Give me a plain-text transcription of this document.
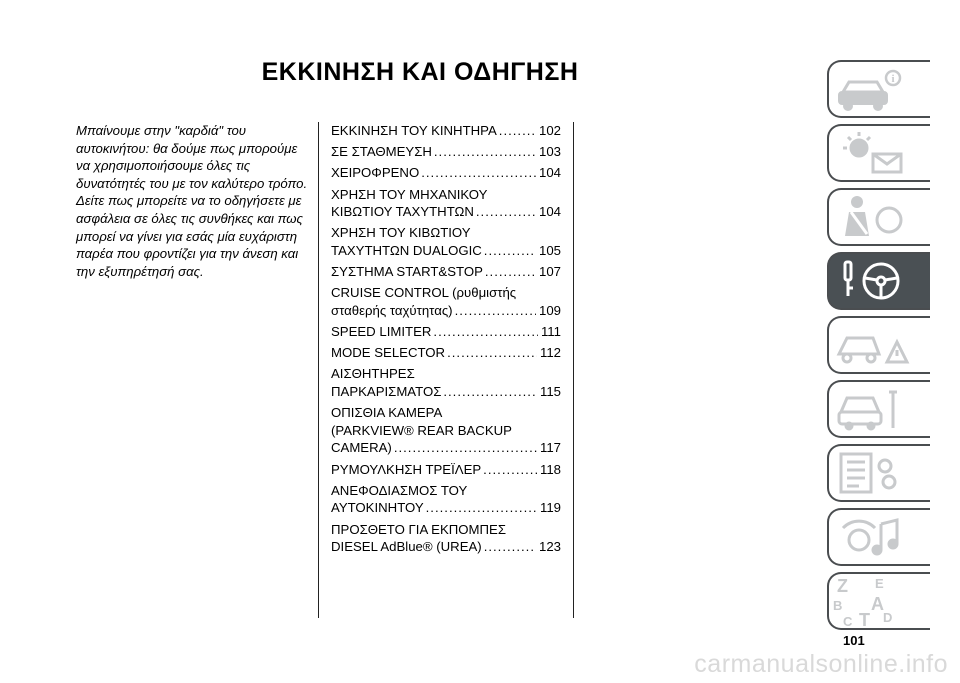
ΕΚΚΙΝΗΣΗ ΚΑΙ ΟΔΗΓΗΣΗ

Μπαίνουμε στην "καρδιά" του αυτοκινήτου: θα δούμε πως μπορούμε να χρησιμοποιήσουμε όλες τις δυνατότητές του με τον καλύτερο τρόπο.

Δείτε πως μπορείτε να το οδηγήσετε με ασφάλεια σε όλες τις συνθήκες και πως μπορεί να γίνει για εσάς μία ευχάριστη παρέα που φροντίζει για την άνεση και την εξυπηρέτησή σας.

ΕΚΚΙΝΗΣΗ ΤΟΥ ΚΙΝΗΤΗΡΑ .....	102
ΣΕ ΣΤΑΘΜΕΥΣΗ .....	103
ΧΕΙΡΟΦΡΕΝΟ .....	104
ΧΡΗΣΗ ΤΟΥ ΜΗΧΑΝΙΚΟΥ
ΚΙΒΩΤΙΟΥ ΤΑΧΥΤΗΤΩΝ .....	104
ΧΡΗΣΗ ΤΟΥ ΚΙΒΩΤΙΟΥ
ΤΑΧΥΤΗΤΩΝ DUALOGIC .....	105
ΣΥΣΤΗΜΑ START&STOP .....	107
CRUISE CONTROL (ρυθμιστής
σταθερής ταχύτητας) .....	109
SPEED LIMITER .....	111
MODE SELECTOR .....	112
ΑΙΣΘΗΤΗΡΕΣ
ΠΑΡΚΑΡΙΣΜΑΤΟΣ .....	115
ΟΠΙΣΘΙΑ ΚΑΜΕΡΑ
(PARKVIEW® REAR BACKUP
CAMERA) .....	117
ΡΥΜΟΥΛΚΗΣΗ ΤΡΕΪΛΕΡ .....	118
ΑΝΕΦΟΔΙΑΣΜΟΣ ΤΟΥ
ΑΥΤΟΚΙΝΗΤΟΥ .....	119
ΠΡΟΣΘΕΤΟ ΓΙΑ ΕΚΠΟΜΠΕΣ
DIESEL AdBlue® (UREA) .....	123
i
Z E
B A
C T D
101
carmanualsonline.info
